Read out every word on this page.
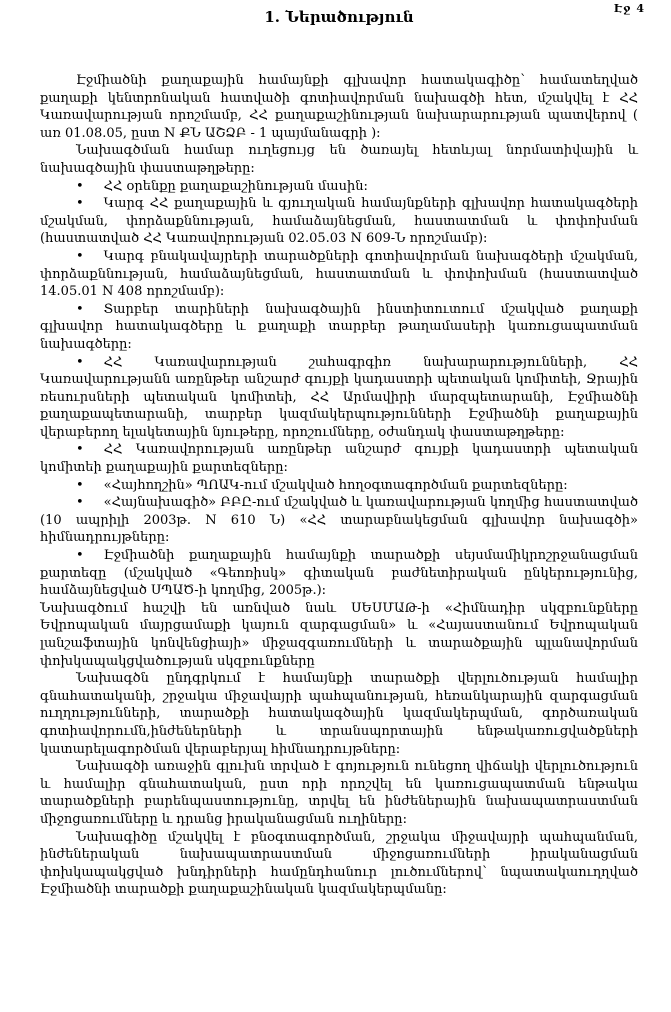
Էջ 4
1. Ներածություն

Էջմիածնի քաղաքային համայնքի գլխավոր հատակագիծը՝ համատեղված քաղաքի կենտրոնական հատվածի գոտիավորման նախագծի հետ, մշակվել է ՀՀ Կառավարության որոշմամբ, ՀՀ քաղաքաշինության նախարարության պատվերով ( առ 01.08.05, ըստ N ՔՆ ԱՇՁԲ - 1 պայմանագրի )։

Նախագծման համար ուղեցույց են ծառայել հետևյալ նորմատիվային և նախագծային փաստաթղթերը։

• ՀՀ օրենքը քաղաքաշինության մասին։

• Կարգ ՀՀ քաղաքային և գյուղական համայնքների գլխավոր հատակագծերի մշակման, փորձաքննության, համաձայնեցման, հաստատման և փոփոխման (հաստատված ՀՀ Կառավորության 02.05.03 N 609-Ն որոշմամբ)։

• Կարգ բնակավայրերի տարածքների գոտիավորման նախագծերի մշակման, փորձաքննության, համաձայնեցման, հաստատման և փոփոխման (հաստատված 14.05.01 N 408 որոշմամբ)։

• Տարբեր տարիների նախագծային ինստիտուտում մշակված քաղաքի գլխավոր հատակագծերը և քաղաքի տարբեր թաղամասերի կառուցապատման նախագծերը։

• ՀՀ Կառավարության շահագրգիռ նախարարությունների, ՀՀ Կառավարությանն առընթեր անշարժ գույքի կադաստրի պետական կոմիտեի, Ջրային ռեսուրսների պետական կոմիտեի, ՀՀ Արմավիրի մարզպետարանի, Էջմիածնի քաղաքապետարանի, տարբեր կազմակերպությունների Էջմիածնի քաղաքային վերաբերող ելակետային նյութերը, որոշումները, օժանդակ փաստաթղթերը։

• ՀՀ Կառավորության առընթեր անշարժ գույքի կադաստրի պետական կոմիտեի քաղաքային քարտեզները։

• «Հայհողշին» ՊՈԱԿ-ում մշակված հողօգտագործման քարտեզները։

• «Հայնախագիծ» ԲԲԸ-ում մշակված և կառավարության կողմից հաստատված (10 ապրիլի 2003թ. N 610 Ն) «ՀՀ տարաբնակեցման գլխավոր նախագծի» հիմնադրույթները։

• Էջմիածնի քաղաքային համայնքի տարածքի սեյսմամիկրոշրջանացման քարտեզը (մշակված «Գեոռիսկ» գիտական բաժնետիրական ընկերությունից, համձայնեցված ՍՊԱԾ-ի կողմից, 2005թ.)։

Նախագծում հաշվի են առնված նաև ՍԵՍՄԱԹ-ի «Հիմնադիր սկզբունքները Եվրոպական մայրցամաքի կայուն զարգացման» և «Հայաստանում Եվրոպական լանշաֆտային կոնվենցիայի» միջազգառումների և տարածքային պլանավորման փոխկապակցվածության սկզբունքները

Նախագծն ընդգրկում է համայնքի տարածքի վերլուծության համալիր գնահատականի, շրջակա միջավայրի պահպանության, հեռանկարային զարգացման ուղղությունների, տարածքի հատակագծային կազմակերպման, գործառական գոտիավորումն,ինժեներների և տրանսպորտային ենթակառուցվածքների կատարելագործման վերաբերյալ հիմնադրույթները։

Նախագծի առաջին գլուխն տրված է գոյություն ունեցող վիճակի վերլուծություն և համալիր գնահատական, ըստ որի որոշվել են կառուցապատման ենթակա տարածքների բարենպաստությունը, տրվել են ինժեներային նախապատրաստման միջոցառումները և դրանց իրականացման ուղիները։

Նախագիծը մշակվել է բնօգտագործման, շրջակա միջավայրի պահպանման, ինժեներական նախապատրաստման միջոցառումների իրականացման փոխկապակցված խնդիրների համընդհանուր լուծումներով՝ նպատակաուղղված Էջմիածնի տարածքի քաղաքաշինական կազմակերպմանը։
